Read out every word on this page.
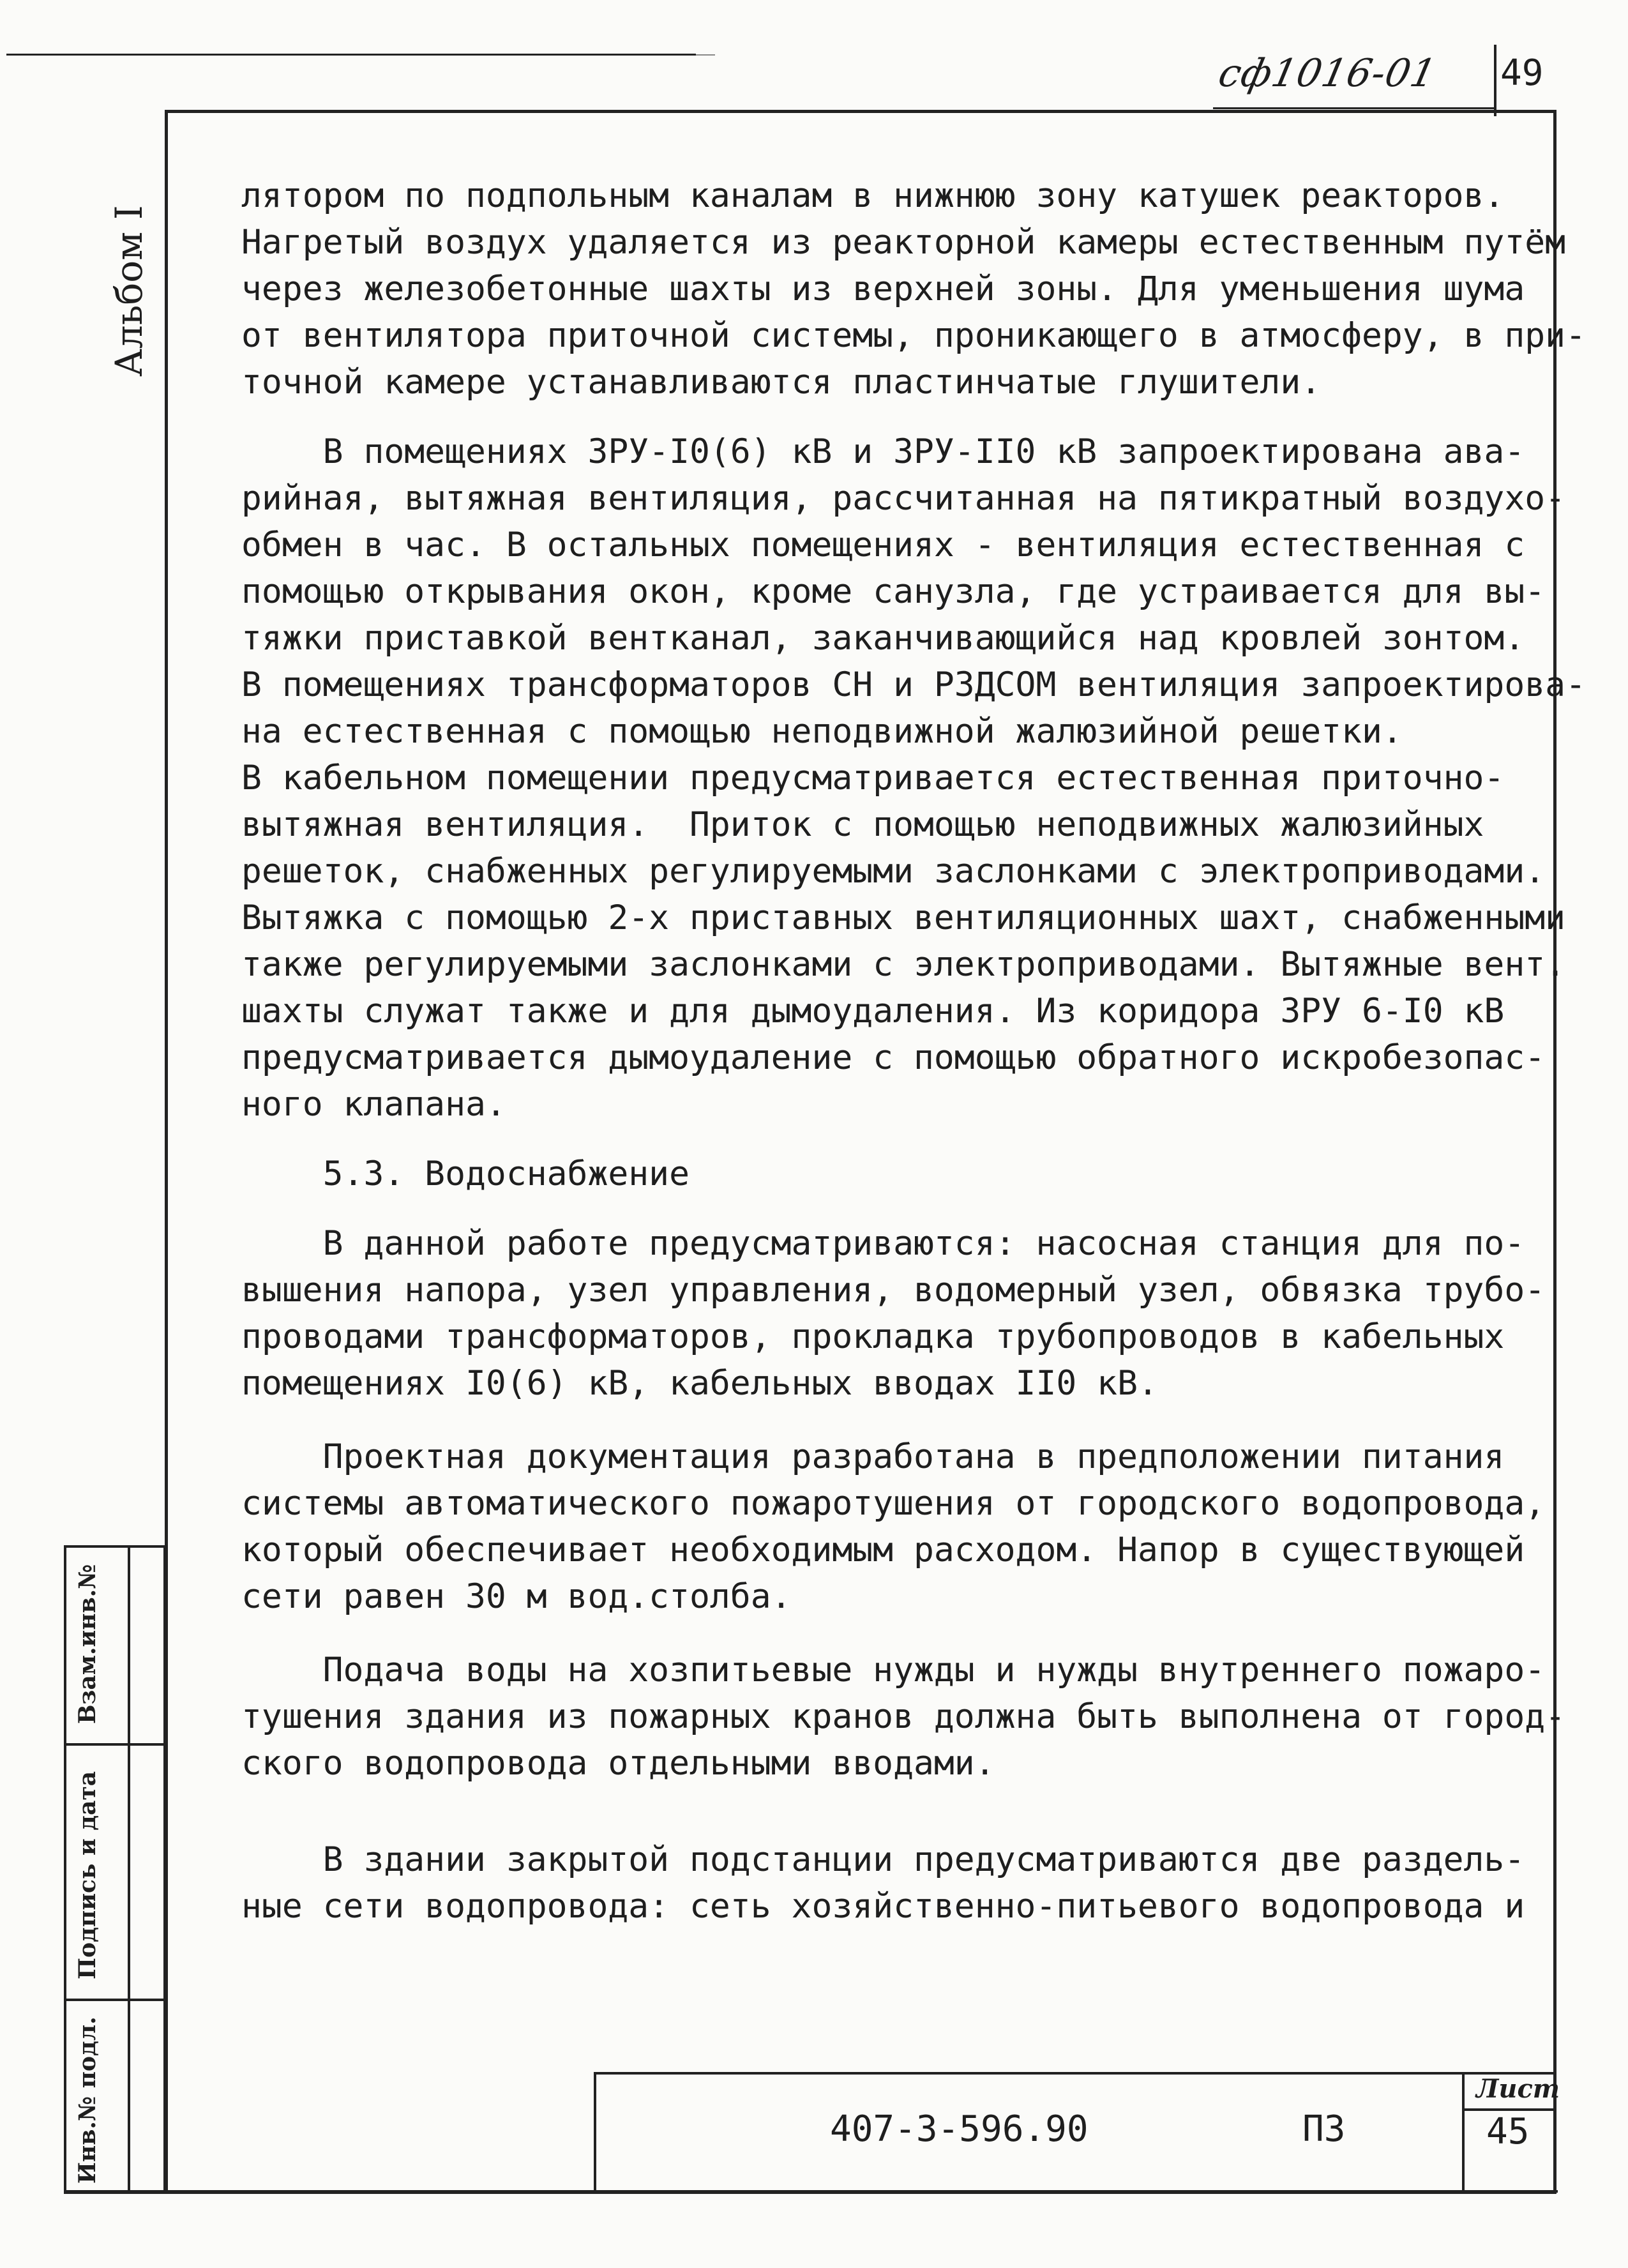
сф1016-01 49
Альбом I

лятором по подпольным каналам в нижнюю зону катушек реакторов.

Нагретый воздух удаляется из реакторной камеры естественным путём

через железобетонные шахты из верхней зоны. Для уменьшения шума

от вентилятора приточной системы, проникающего в атмосферу, в при-

точной камере устанавливаются пластинчатые глушители.

В помещениях ЗРУ-I0(6) кВ и ЗРУ-II0 кВ запроектирована ава-

рийная, вытяжная вентиляция, рассчитанная на пятикратный воздухо-

обмен в час. В остальных помещениях - вентиляция естественная с

помощью открывания окон, кроме санузла, где устраивается для вы-

тяжки приставкой вентканал, заканчивающийся над кровлей зонтом.

В помещениях трансформаторов СН и РЗДСОМ вентиляция запроектирова-

на естественная с помощью неподвижной жалюзийной решетки.

В кабельном помещении предусматривается естественная приточно-

вытяжная вентиляция.  Приток с помощью неподвижных жалюзийных

решеток, снабженных регулируемыми заслонками с электроприводами.

Вытяжка с помощью 2-х приставных вентиляционных шахт, снабженными

также регулируемыми заслонками с электроприводами. Вытяжные вент.

шахты служат также и для дымоудаления. Из коридора ЗРУ 6-I0 кВ

предусматривается дымоудаление с помощью обратного искробезопас-

ного клапана.

5.3. Водоснабжение

В данной работе предусматриваются: насосная станция для по-

вышения напора, узел управления, водомерный узел, обвязка трубо-

проводами трансформаторов, прокладка трубопроводов в кабельных

помещениях I0(6) кВ, кабельных вводах II0 кВ.

Проектная документация разработана в предположении питания

системы автоматического пожаротушения от городского водопровода,

который обеспечивает необходимым расходом. Напор в существующей

сети равен 30 м вод.столба.

Подача воды на хозпитьевые нужды и нужды внутреннего пожаро-

тушения здания из пожарных кранов должна быть выполнена от город-

ского водопровода отдельными вводами.

В здании закрытой подстанции предусматриваются две раздель-

ные сети водопровода: сеть хозяйственно-питьевого водопровода и

Взам.инв.№
Подпись и дата
Инв.№ подл.	407-3-596.90	ПЗ
Лист
45
